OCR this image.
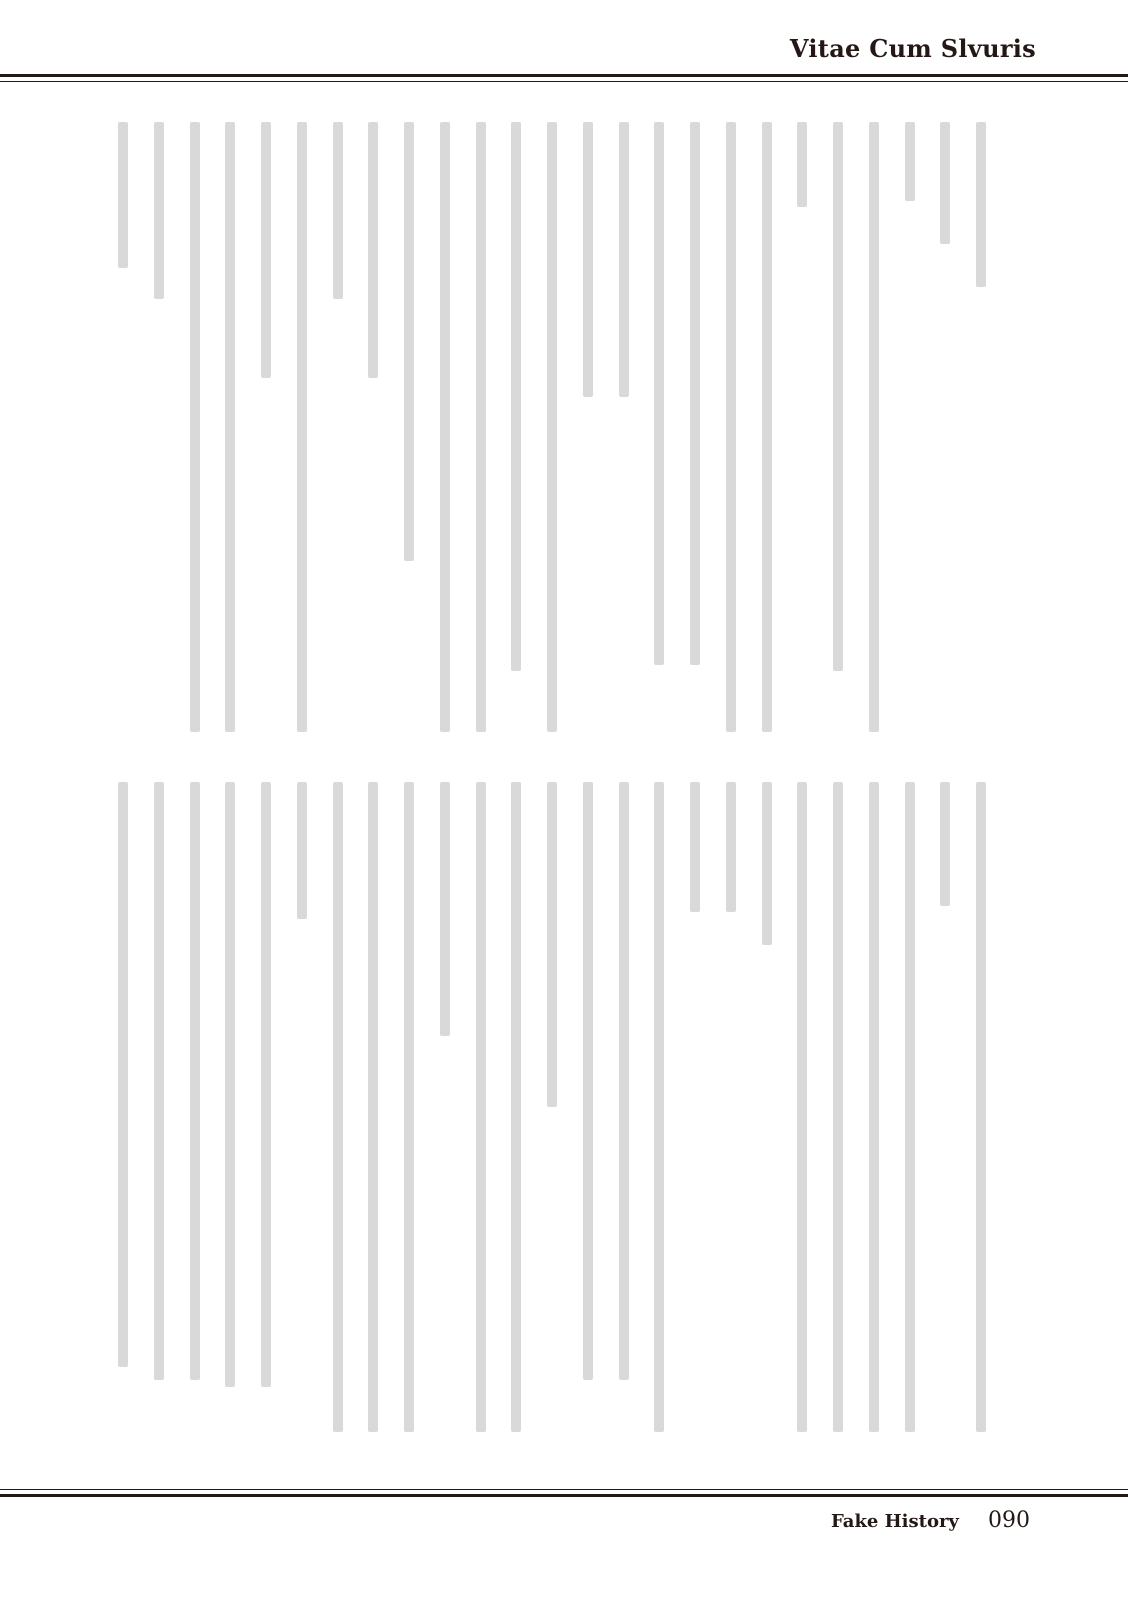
Vitae Cum Slvuris
Fake History 090
